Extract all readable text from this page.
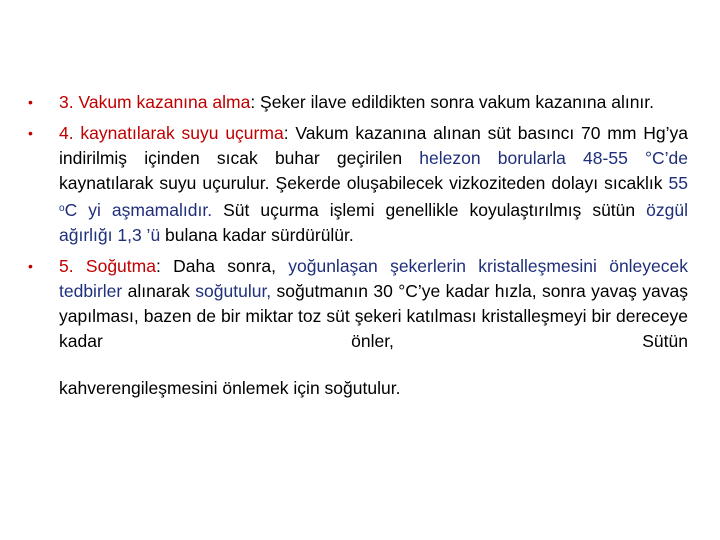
• 3. Vakum kazanına alma: Şeker ilave edildikten sonra vakum kazanına alınır.
• 4. kaynatılarak suyu uçurma: Vakum kazanına alınan süt basıncı 70 mm Hg’ya indirilmiş içinden sıcak buhar geçirilen helezon borularla 48-55 °C’de kaynatılarak suyu uçurulur. Şekerde oluşabilecek vizkoziteden dolayı sıcaklık 55 $^o$C yi aşmamalıdır. Süt uçurma işlemi genellikle koyulaştırılmış sütün özgül ağırlığı 1,3 ’ü bulana kadar sürdürülür.
• 5. Soğutma: Daha sonra, yoğunlaşan şekerlerin kristalleşmesini önleyecek tedbirler alınarak soğutulur, soğutmanın 30 °C’ye kadar hızla, sonra yavaş yavaş yapılması, bazen de bir miktar toz süt şekeri katılması kristalleşmeyi bir dereceye kadar önler, Sütün
kahverengileşmesini önlemek için soğutulur.
